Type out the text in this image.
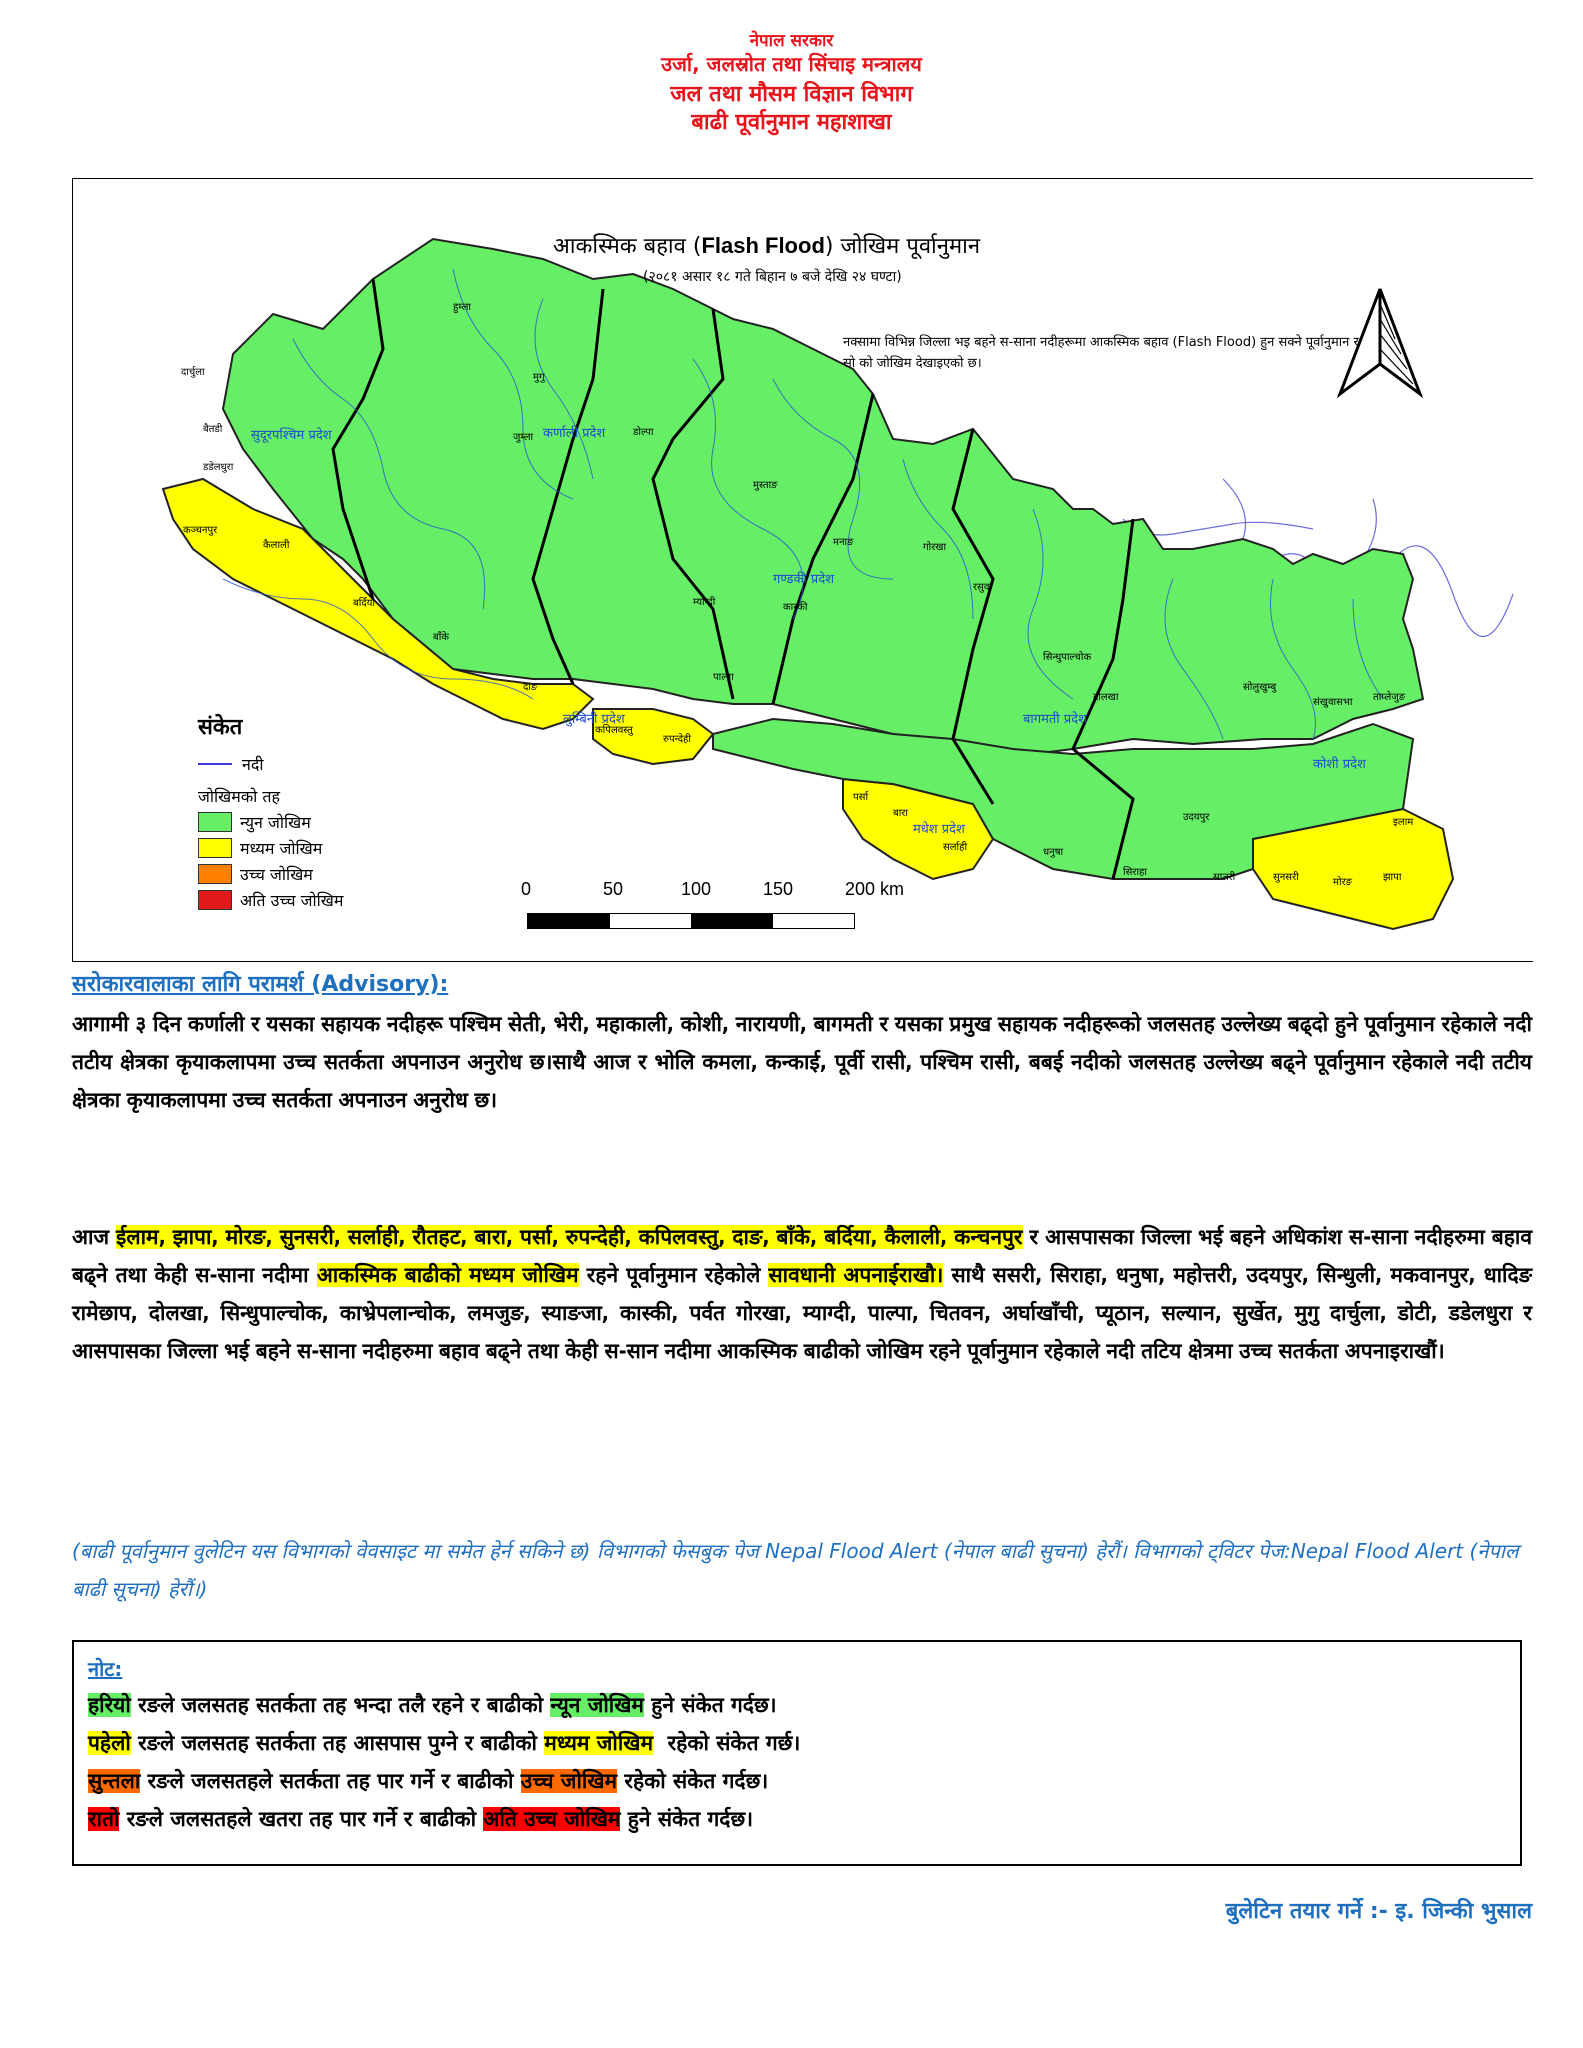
नेपाल सरकार
उर्जा, जलस्रोत तथा सिंचाइ मन्त्रालय
जल तथा मौसम विज्ञान विभाग
बाढी पूर्वानुमान महाशाखा
आकस्मिक बहाव (Flash Flood) जोखिम पूर्वानुमान
(२०८१ असार १८ गते बिहान ७ बजे देखि २४ घण्टा)
नक्सामा विभिन्न जिल्ला भइ बहने स-साना नदीहरूमा आकस्मिक बहाव (Flash Flood) हुन सक्ने पूर्वानुमान र सो को जोखिम देखाइएको छ।
सुदूरपश्चिम प्रदेश	कर्णाली प्रदेश
गण्डकी प्रदेश
लुम्बिनी प्रदेश	बागमती प्रदेश
मधेश प्रदेश
कोशी प्रदेश
दार्चुला
बैतडी
डडेलधुरा
कञ्चनपुर
कैलाली
बर्दिया
बाँके
दाङ
हुम्ला
मुगु
जुम्ला	डोल्पा
मुस्ताङ
मनाङ
म्याग्दी	कास्की
पाल्पा
कपिलवस्तु
रुपन्देही
गोरखा
रसुवा
सिन्धुपाल्चोक
दोलखा
सोलुखुम्बु
संखुवासभा ताप्लेजुङ
इलाम
झापा
मोरङ
सुनसरी
सप्तरी
सिराहा
पर्सा
बारा
सर्लाही	धनुषा
उदयपुर
संकेत
नदी
जोखिमको तह
न्युन जोखिम
मध्यम जोखिम
उच्च जोखिम
अति उच्च जोखिम
0	50	100	150	200 km
सरोकारवालाका लागि परामर्श (Advisory):
आगामी ३ दिन कर्णाली र यसका सहायक नदीहरू पश्चिम सेती, भेरी, महाकाली, कोशी, नारायणी, बागमती र यसका प्रमुख सहायक नदीहरूको जलसतह उल्लेख्य बढ्दो हुने पूर्वानुमान रहेकाले नदी तटीय क्षेत्रका कृयाकलापमा उच्च सतर्कता अपनाउन अनुरोध छ।साथै आज र भोलि कमला, कन्काई, पूर्वी रासी, पश्चिम रासी, बबई नदीको जलसतह उल्लेख्य बढ्ने पूर्वानुमान रहेकाले नदी तटीय क्षेत्रका कृयाकलापमा उच्च सतर्कता अपनाउन अनुरोध छ।
आज ईलाम, झापा, मोरङ, सुनसरी, सर्लाही, रौतहट, बारा, पर्सा, रुपन्देही, कपिलवस्तु, दाङ, बाँके, बर्दिया, कैलाली, कन्चनपुर र आसपासका जिल्ला भई बहने अधिकांश स-साना नदीहरुमा बहाव बढ्ने तथा केही स-साना नदीमा आकस्मिक बाढीको मध्यम जोखिम रहने पूर्वानुमान रहेकोले सावधानी अपनाईराखौ। साथै ससरी, सिराहा, धनुषा, महोत्तरी, उदयपुर, सिन्धुली, मकवानपुर, धादिङ रामेछाप, दोलखा, सिन्धुपाल्चोक, काभ्रेपलान्चोक, लमजुङ, स्याङजा, कास्की, पर्वत गोरखा, म्याग्दी, पाल्पा, चितवन, अर्घाखाँची, प्यूठान, सल्यान, सुर्खेत, मुगु दार्चुला, डोटी, डडेलधुरा र आसपासका जिल्ला भई बहने स-साना नदीहरुमा बहाव बढ्ने तथा केही स-सान नदीमा आकस्मिक बाढीको जोखिम रहने पूर्वानुमान रहेकाले नदी तटिय क्षेत्रमा उच्च सतर्कता अपनाइराखौं।
(बाढी पूर्वानुमान वुलेटिन यस विभागको वेवसाइट मा समेत हेर्न सकिने छ) विभागको फेसबुक पेज Nepal Flood Alert (नेपाल बाढी सुचना) हेरौं। विभागको ट्विटर पेज:Nepal Flood Alert (नेपाल बाढी सूचना) हेरौं।)
नोट:
हरियो रङले जलसतह सतर्कता तह भन्दा तलै रहने र बाढीको न्यून जोखिम हुने संकेत गर्दछ।
पहेलो रङले जलसतह सतर्कता तह आसपास पुग्ने र बाढीको मध्यम जोखिम  रहेको संकेत गर्छ।
सुन्तला रङले जलसतहले सतर्कता तह पार गर्ने र बाढीको उच्च जोखिम रहेको संकेत गर्दछ।
रातो रङले जलसतहले खतरा तह पार गर्ने र बाढीको अति उच्च जोखिम हुने संकेत गर्दछ।
बुलेटिन तयार गर्ने :- इ. जिन्की भुसाल
